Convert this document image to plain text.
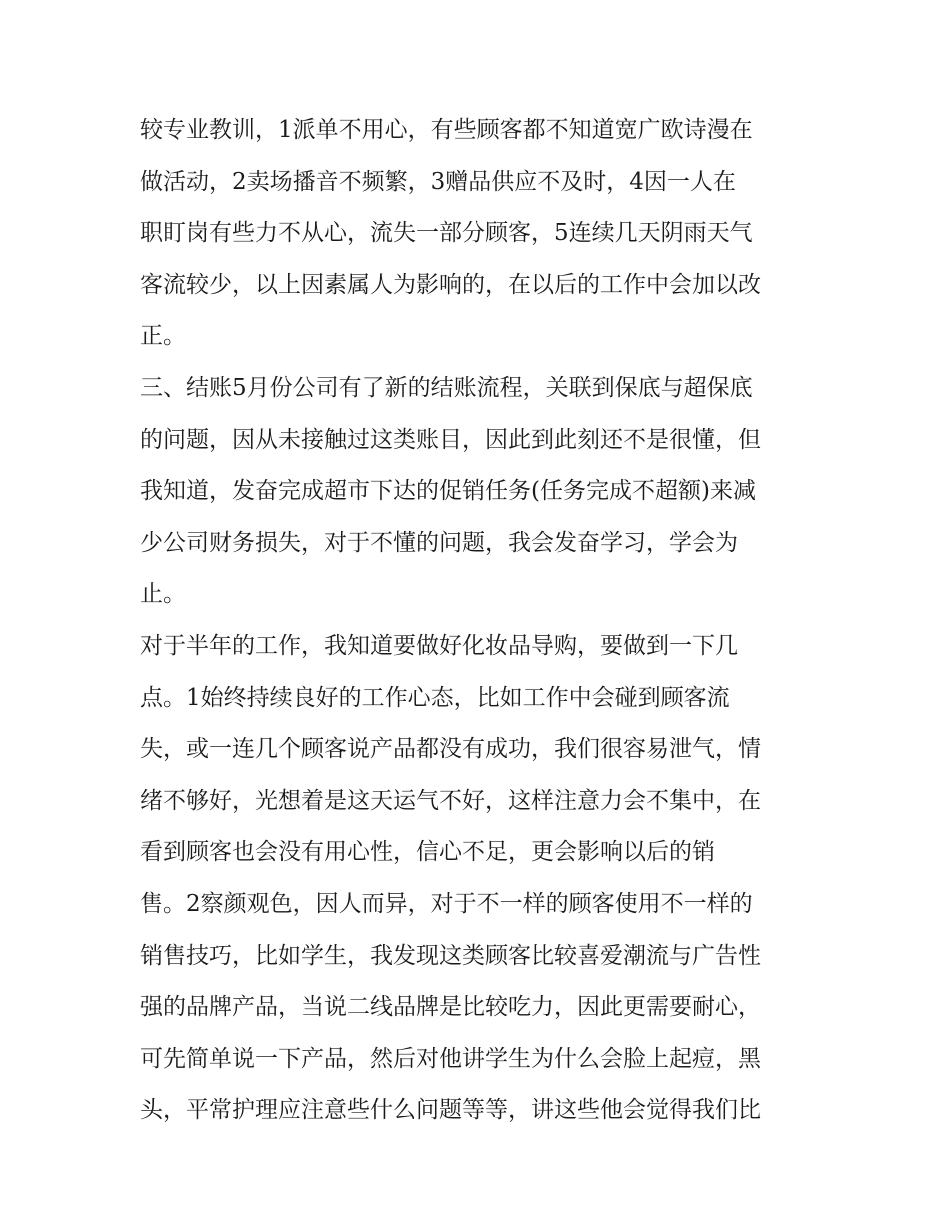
较专业教训，1派单不用心，有些顾客都不知道宽广欧诗漫在
做活动，2卖场播音不频繁，3赠品供应不及时，4因一人在
职盯岗有些力不从心，流失一部分顾客，5连续几天阴雨天气
客流较少，以上因素属人为影响的，在以后的工作中会加以改
正。
三、结账5月份公司有了新的结账流程，关联到保底与超保底
的问题，因从未接触过这类账目，因此到此刻还不是很懂，但
我知道，发奋完成超市下达的促销任务(任务完成不超额)来减
少公司财务损失，对于不懂的问题，我会发奋学习，学会为
止。
对于半年的工作，我知道要做好化妆品导购，要做到一下几
点。1始终持续良好的工作心态，比如工作中会碰到顾客流
失，或一连几个顾客说产品都没有成功，我们很容易泄气，情
绪不够好，光想着是这天运气不好，这样注意力会不集中，在
看到顾客也会没有用心性，信心不足，更会影响以后的销
售。2察颜观色，因人而异，对于不一样的顾客使用不一样的
销售技巧，比如学生，我发现这类顾客比较喜爱潮流与广告性
强的品牌产品，当说二线品牌是比较吃力，因此更需要耐心，
可先简单说一下产品，然后对他讲学生为什么会脸上起痘，黑
头，平常护理应注意些什么问题等等，讲这些他会觉得我们比
